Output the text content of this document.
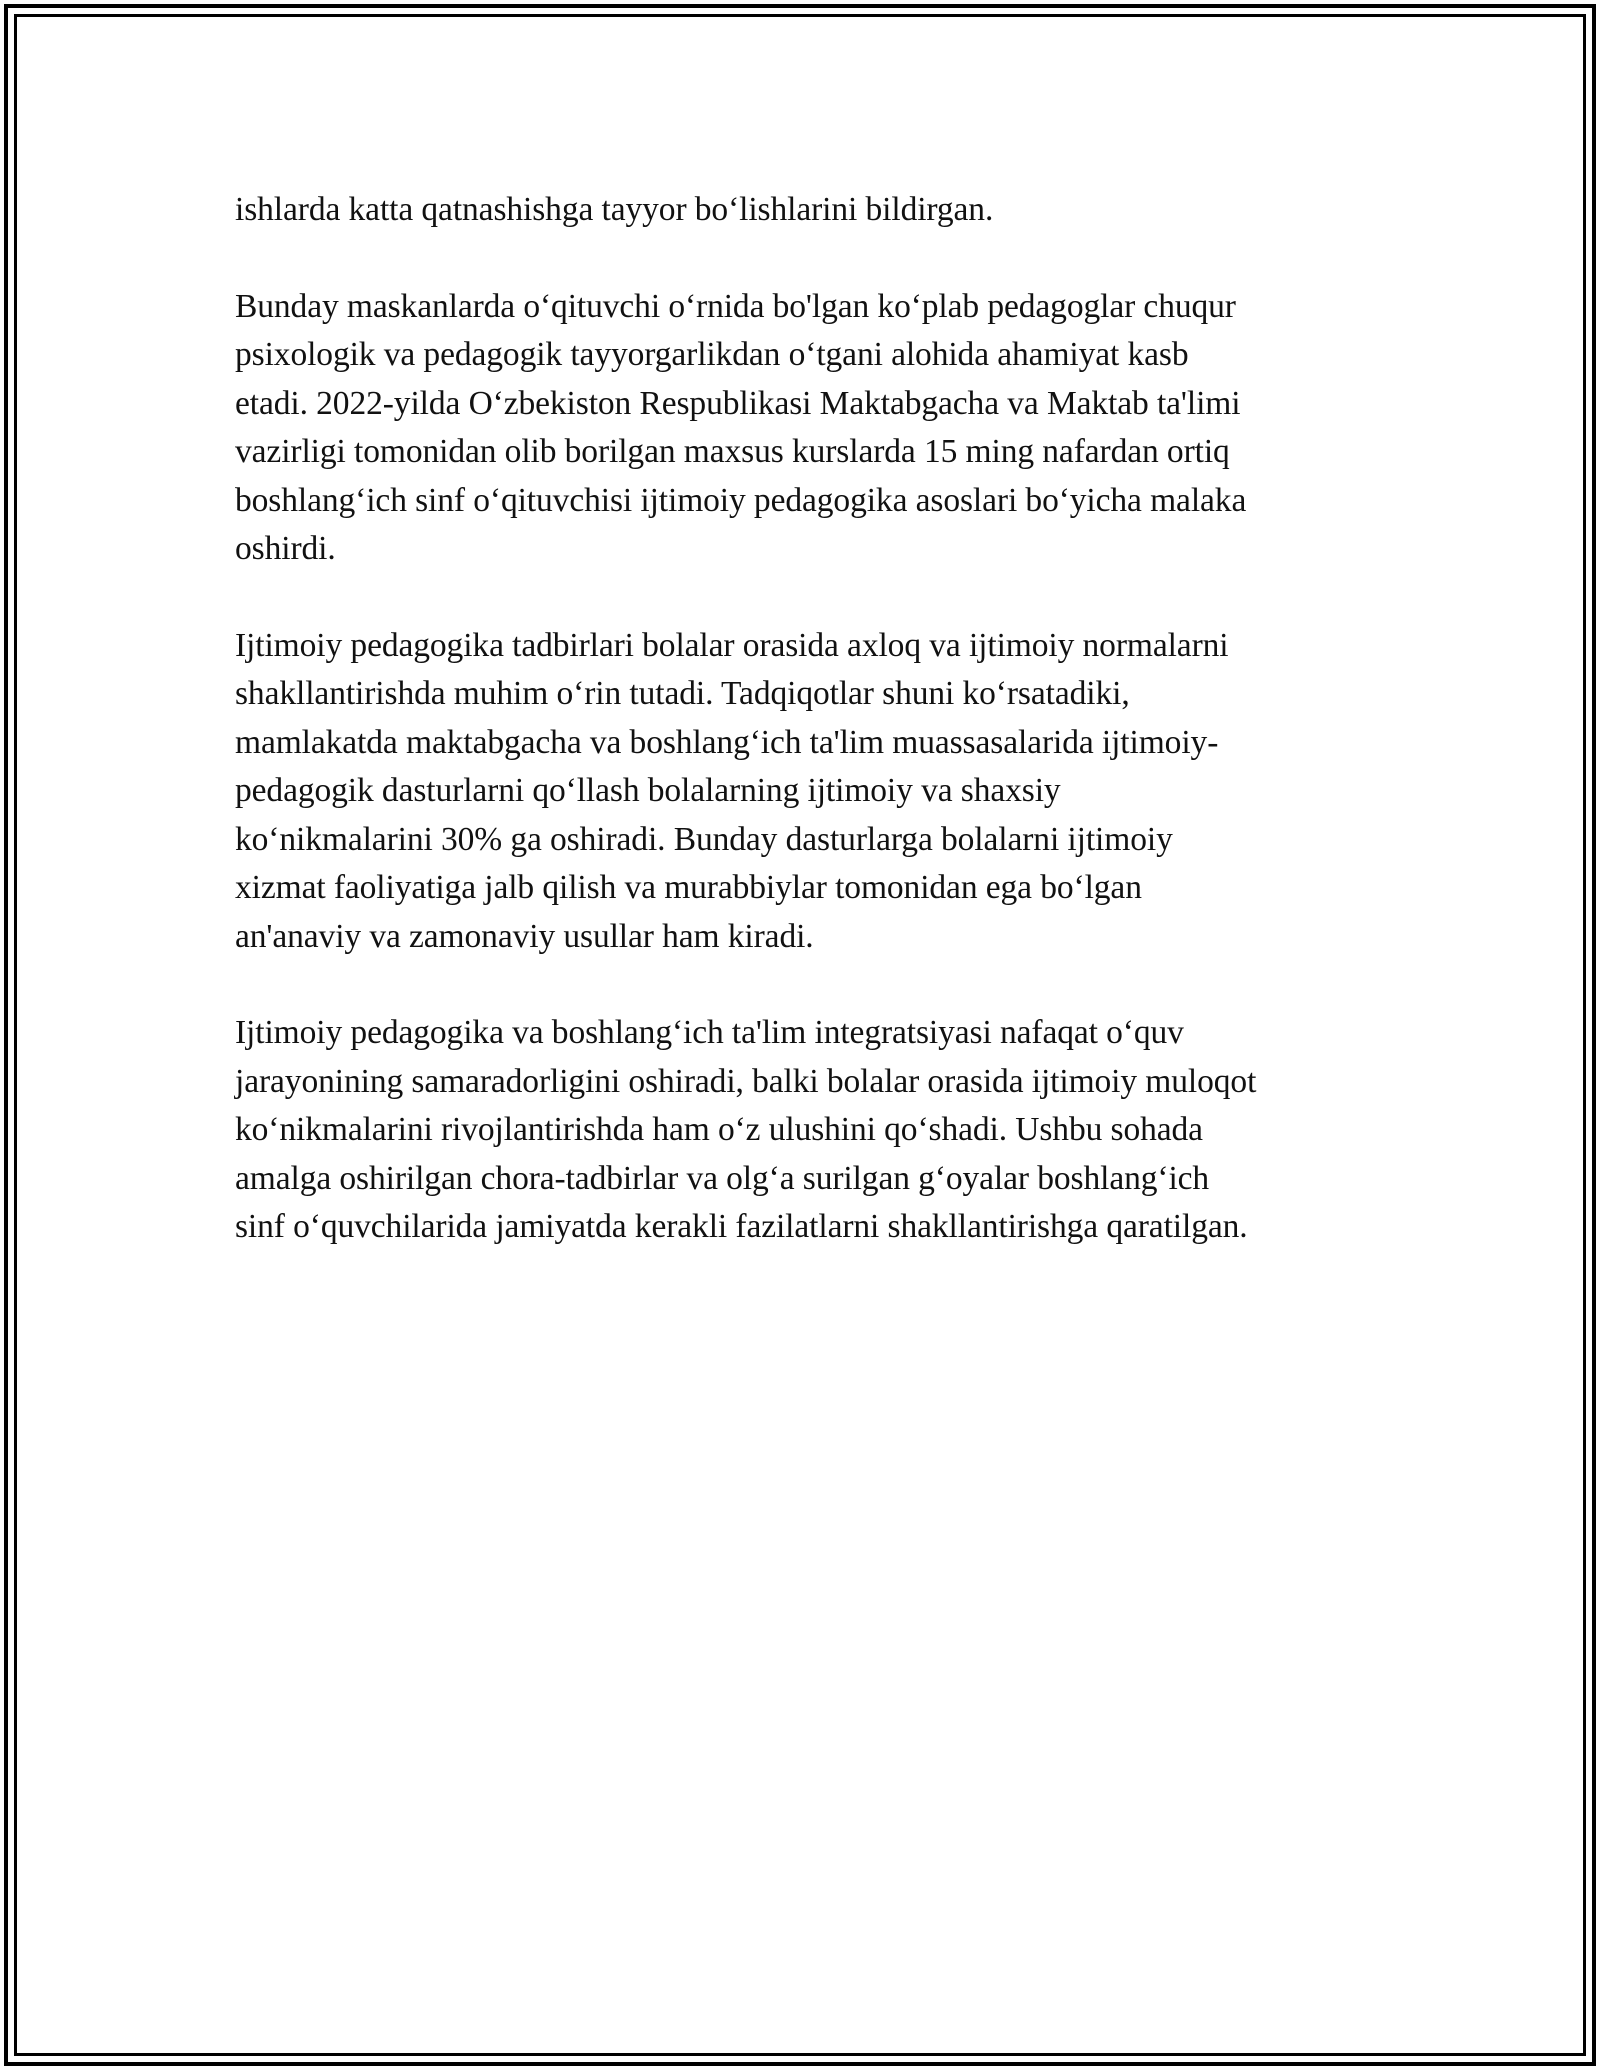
ishlarda katta qatnashishga tayyor bo‘lishlarini bildirgan.

Bunday maskanlarda o‘qituvchi o‘rnida bo'lgan ko‘plab pedagoglar chuqur
psixologik va pedagogik tayyorgarlikdan o‘tgani alohida ahamiyat kasb
etadi. 2022-yilda O‘zbekiston Respublikasi Maktabgacha va Maktab ta'limi
vazirligi tomonidan olib borilgan maxsus kurslarda 15 ming nafardan ortiq
boshlang‘ich sinf o‘qituvchisi ijtimoiy pedagogika asoslari bo‘yicha malaka
oshirdi.

Ijtimoiy pedagogika tadbirlari bolalar orasida axloq va ijtimoiy normalarni
shakllantirishda muhim o‘rin tutadi. Tadqiqotlar shuni ko‘rsatadiki,
mamlakatda maktabgacha va boshlang‘ich ta'lim muassasalarida ijtimoiy-
pedagogik dasturlarni qo‘llash bolalarning ijtimoiy va shaxsiy
ko‘nikmalarini 30% ga oshiradi. Bunday dasturlarga bolalarni ijtimoiy
xizmat faoliyatiga jalb qilish va murabbiylar tomonidan ega bo‘lgan
an'anaviy va zamonaviy usullar ham kiradi.

Ijtimoiy pedagogika va boshlang‘ich ta'lim integratsiyasi nafaqat o‘quv
jarayonining samaradorligini oshiradi, balki bolalar orasida ijtimoiy muloqot
ko‘nikmalarini rivojlantirishda ham o‘z ulushini qo‘shadi. Ushbu sohada
amalga oshirilgan chora-tadbirlar va olg‘a surilgan g‘oyalar boshlang‘ich
sinf o‘quvchilarida jamiyatda kerakli fazilatlarni shakllantirishga qaratilgan.
